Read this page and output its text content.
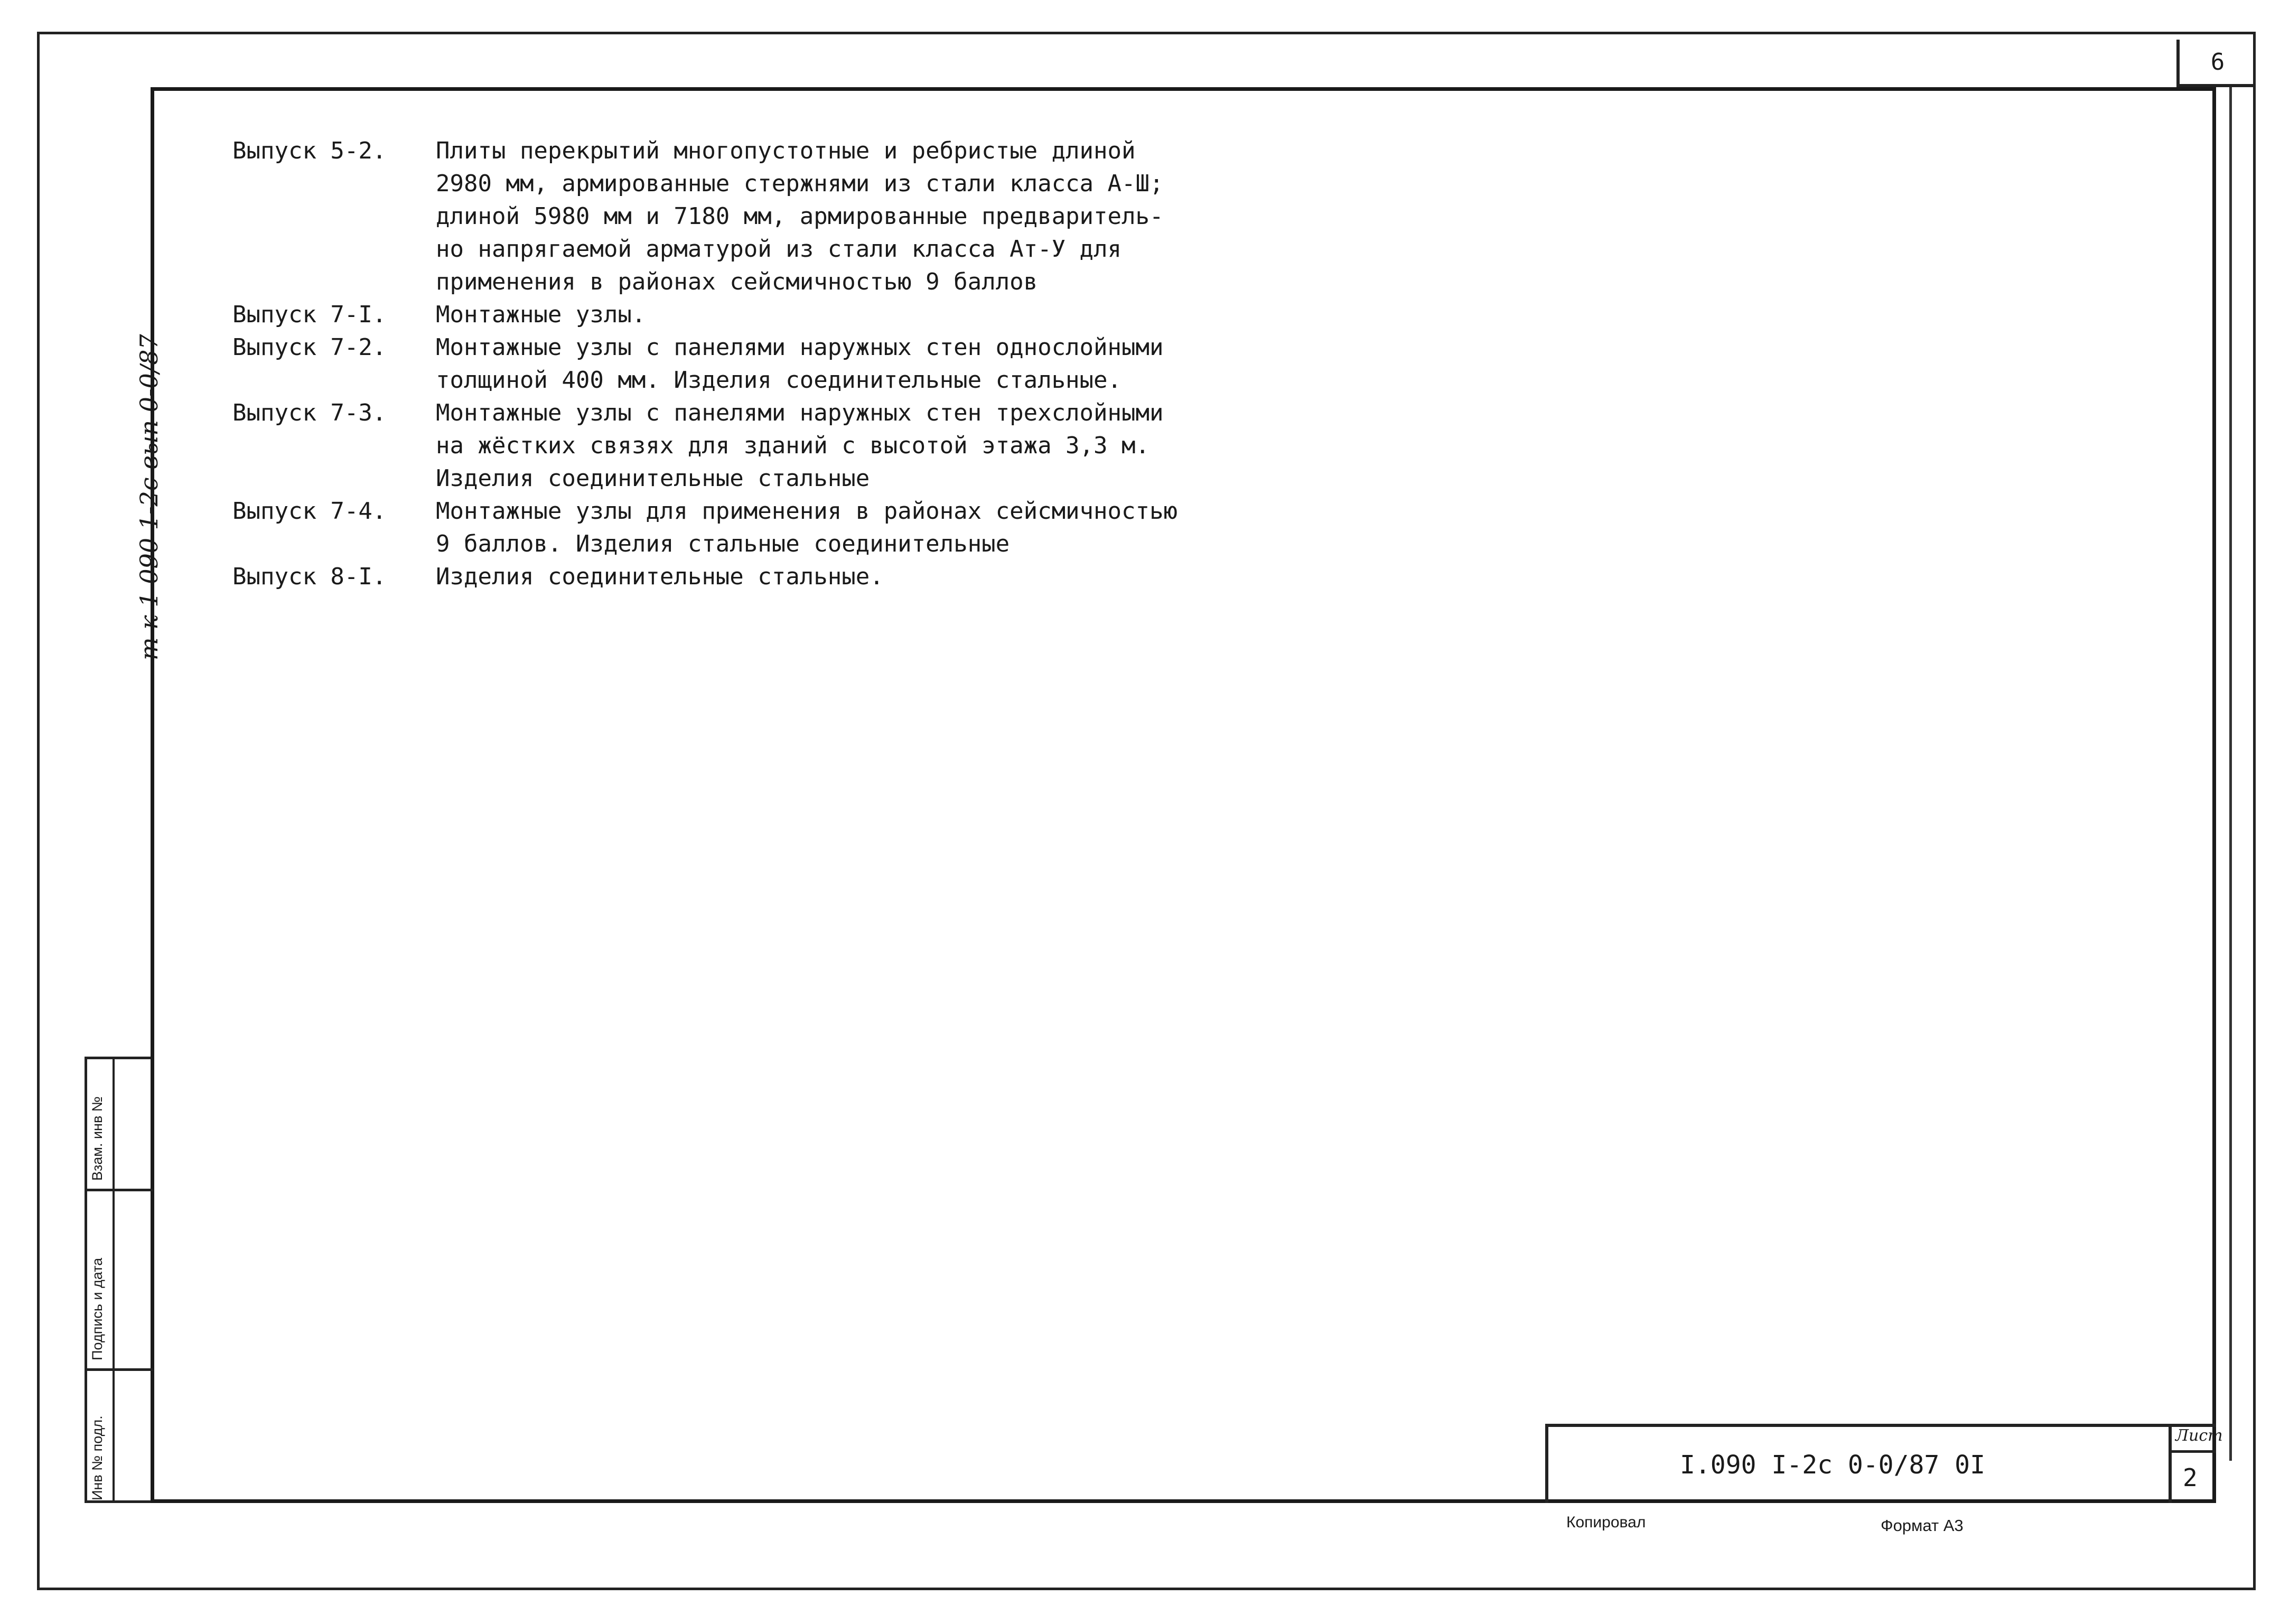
6
Выпуск 5-2.	Плиты перекрытий многопустотные и ребристые длиной
2980 мм, армированные стержнями из стали класса А-Ш;
длиной 5980 мм и 7180 мм, армированные предваритель-
но напрягаемой арматурой из стали класса Ат-У для
применения в районах сейсмичностью 9 баллов
Выпуск 7-I.	Монтажные узлы.
Выпуск 7-2.	Монтажные узлы с панелями наружных стен однослойными
толщиной 400 мм. Изделия соединительные стальные.
Выпуск 7-3.	Монтажные узлы с панелями наружных стен трехслойными
на жёстких связях для зданий с высотой этажа 3,3 м.
Изделия соединительные стальные
Выпуск 7-4.	Монтажные узлы для применения в районах сейсмичностью
9 баллов. Изделия стальные соединительные
Выпуск 8-I.	Изделия соединительные стальные.
т к 1 090 1-2с вып 0-0/87
Взам. инв №
Подпись и дата
Инв № подл.	I.090 I-2с 0-0/87 0I
Лист
2
Копировал	Формат А3
